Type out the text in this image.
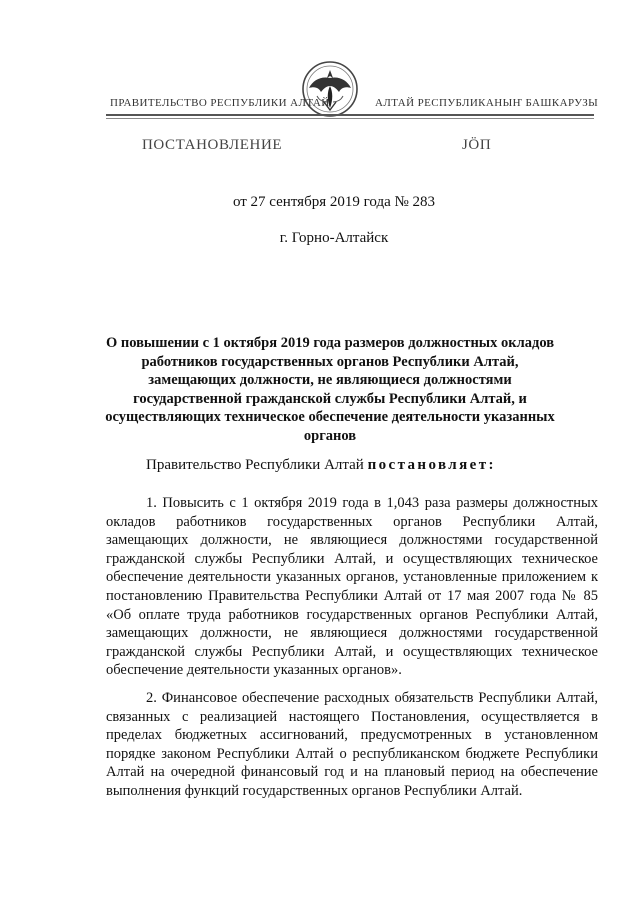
ПРАВИТЕЛЬСТВО РЕСПУБЛИКИ АЛТАЙ	АЛТАЙ РЕСПУБЛИКАНЫҤ БАШКАРУЗЫ
ПОСТАНОВЛЕНИЕ	ЈӦП
от 27 сентября 2019 года № 283
г. Горно-Алтайск
О повышении с 1 октября 2019 года размеров должностных окладов работников государственных органов Республики Алтай, замещающих должности, не являющиеся должностями государственной гражданской службы Республики Алтай, и осуществляющих техническое обеспечение деятельности указанных органов
Правительство Республики Алтай постановляет:
1. Повысить с 1 октября 2019 года в 1,043 раза размеры должностных окладов работников государственных органов Республики Алтай, замещающих должности, не являющиеся должностями государственной гражданской службы Республики Алтай, и осуществляющих техническое обеспечение деятельности указанных органов, установленные приложением к постановлению Правительства Республики Алтай от 17 мая 2007 года № 85 «Об оплате труда работников государственных органов Республики Алтай, замещающих должности, не являющиеся должностями государственной гражданской службы Республики Алтай, и осуществляющих техническое обеспечение деятельности указанных органов».
2. Финансовое обеспечение расходных обязательств Республики Алтай, связанных с реализацией настоящего Постановления, осуществляется в пределах бюджетных ассигнований, предусмотренных в установленном порядке законом Республики Алтай о республиканском бюджете Республики Алтай на очередной финансовый год и на плановый период на обеспечение выполнения функций государственных органов Республики Алтай.
